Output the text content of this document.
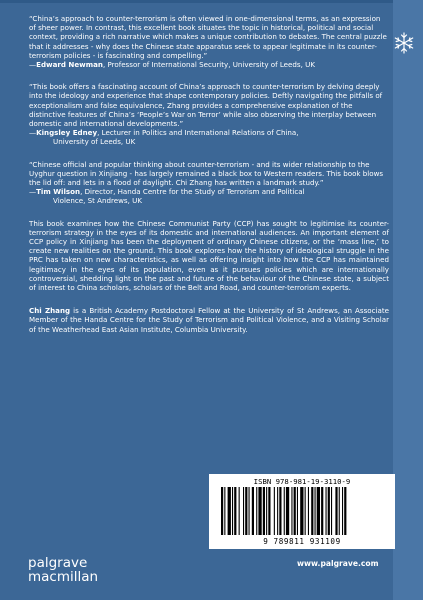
“China’s approach to counter-terrorism is often viewed in one-dimensional terms, as an expression of sheer power. In contrast, this excellent book situates the topic in historical, political and social context, providing a rich narrative which makes a unique contribution to debates. The central puzzle that it addresses - why does the Chinese state apparatus seek to appear legitimate in its counter-terrorism policies - is fascinating and compelling.”

—Edward Newman, Professor of International Security, University of Leeds, UK

“This book offers a fascinating account of China’s approach to counter-terrorism by delving deeply into the ideology and experience that shape contemporary policies. Deftly navigating the pitfalls of exceptionalism and false equivalence, Zhang provides a comprehensive explanation of the distinctive features of China’s ‘People’s War on Terror’ while also observing the interplay between domestic and international developments.”

—Kingsley Edney, Lecturer in Politics and International Relations of China,
University of Leeds, UK

“Chinese official and popular thinking about counter-terrorism - and its wider relationship to the Uyghur question in Xinjiang - has largely remained a black box to Western readers. This book blows the lid off: and lets in a flood of daylight. Chi Zhang has written a landmark study.”

—Tim Wilson, Director, Handa Centre for the Study of Terrorism and Political
Violence, St Andrews, UK

This book examines how the Chinese Communist Party (CCP) has sought to legitimise its counter-terrorism strategy in the eyes of its domestic and international audiences. An important element of CCP policy in Xinjiang has been the deployment of ordinary Chinese citizens, or the ‘mass line,’ to create new realities on the ground. This book explores how the history of ideological struggle in the PRC has taken on new characteristics, as well as offering insight into how the CCP has maintained legitimacy in the eyes of its population, even as it pursues policies which are internationally controversial, shedding light on the past and future of the behaviour of the Chinese state, a subject of interest to China scholars, scholars of the Belt and Road, and counter-terrorism experts.

Chi Zhang is a British Academy Postdoctoral Fellow at the University of St Andrews, an Associate Member of the Handa Centre for the Study of Terrorism and Political Violence, and a Visiting Scholar of the Weatherhead East Asian Institute, Columbia University.

ISBN 978-981-19-3110-9
9 789811 931109
palgrave
macmillan
www.palgrave.com
